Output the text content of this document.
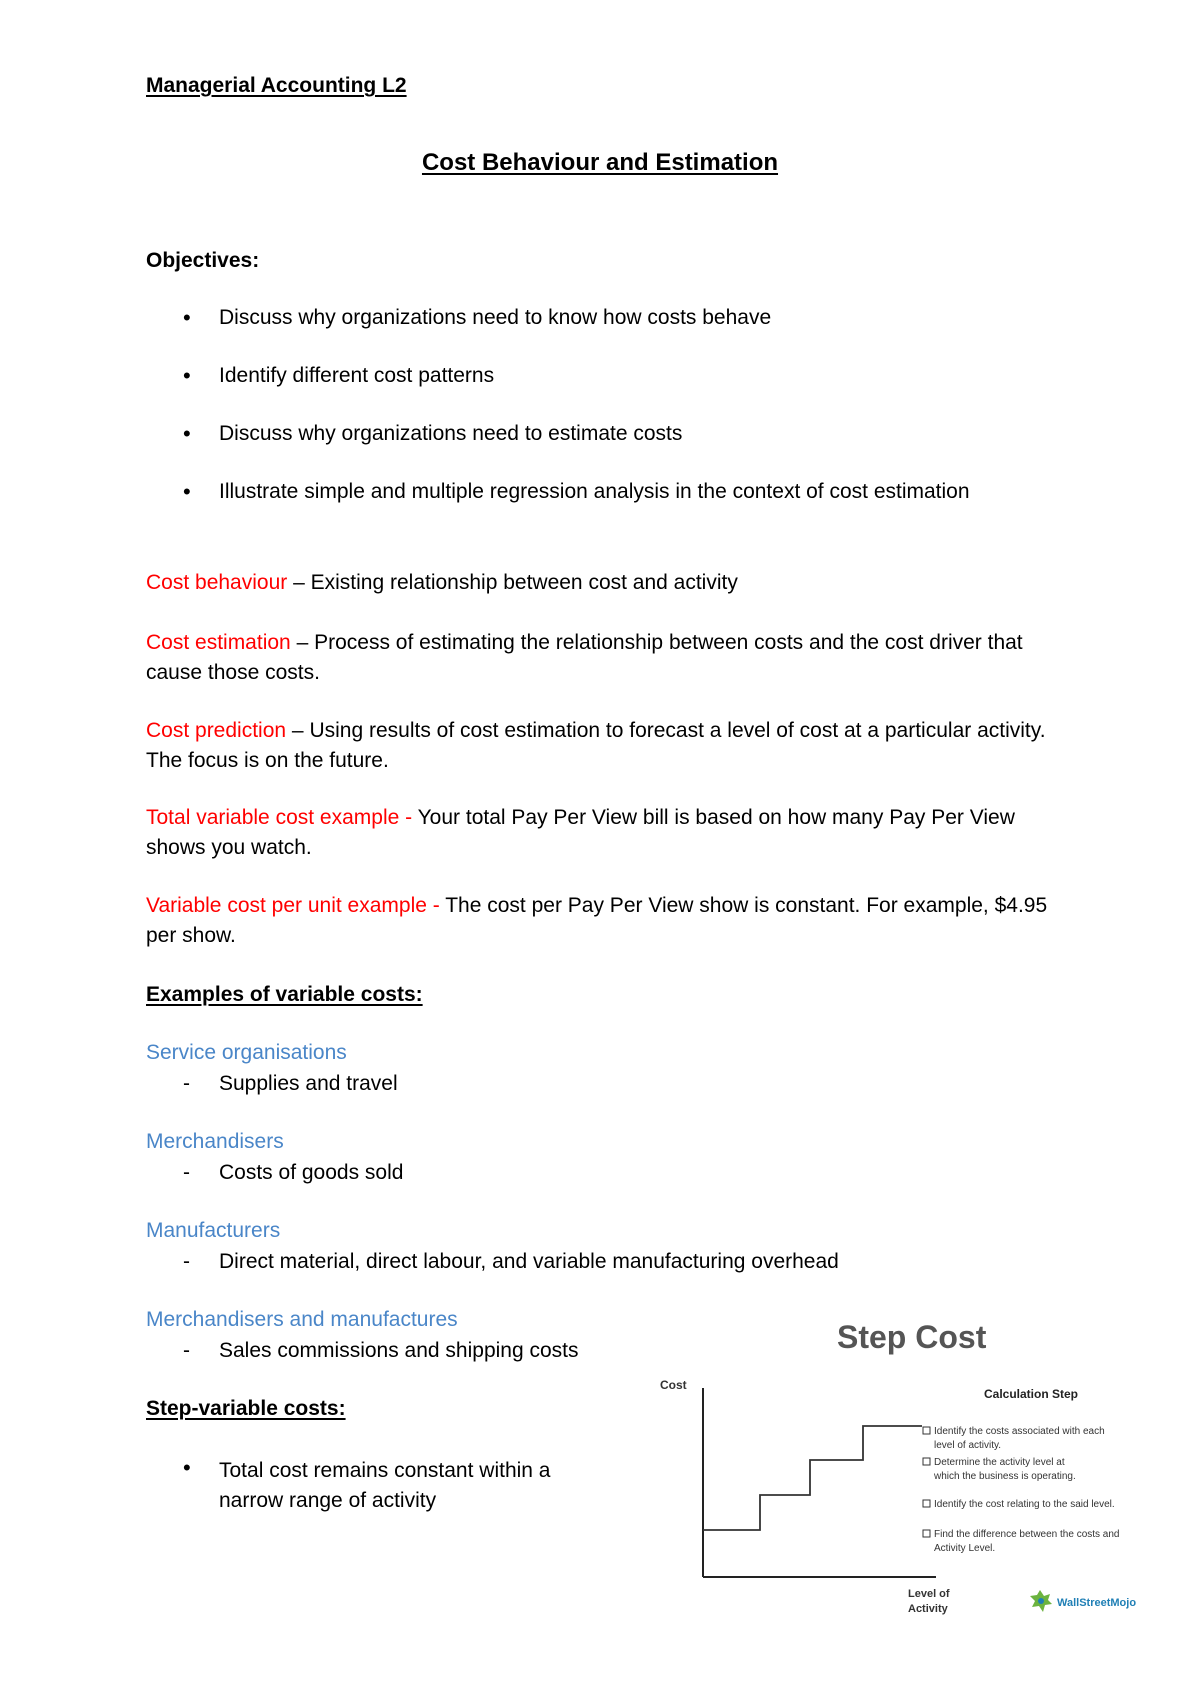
Managerial Accounting L2
Cost Behaviour and Estimation
Objectives:
• Discuss why organizations need to know how costs behave
• Identify different cost patterns
• Discuss why organizations need to estimate costs
• Illustrate simple and multiple regression analysis in the context of cost estimation
Cost behaviour – Existing relationship between cost and activity
Cost estimation – Process of estimating the relationship between costs and the cost driver that cause those costs.
Cost prediction – Using results of cost estimation to forecast a level of cost at a particular activity. The focus is on the future.
Total variable cost example - Your total Pay Per View bill is based on how many Pay Per View shows you watch.
Variable cost per unit example - The cost per Pay Per View show is constant. For example, $4.95 per show.
Examples of variable costs:
Service organisations
- Supplies and travel
Merchandisers
- Costs of goods sold
Manufacturers
- Direct material, direct labour, and variable manufacturing overhead
Merchandisers and manufactures
- Sales commissions and shipping costs
Step-variable costs:
• Total cost remains constant within a narrow range of activity
Step Cost
Cost
Level of
Activity
Calculation Step
Identify the costs associated with each
level of activity.
Determine the activity level at
which the business is operating.
Identify the cost relating to the said level.
Find the difference between the costs and
Activity Level.
WallStreetMojo
